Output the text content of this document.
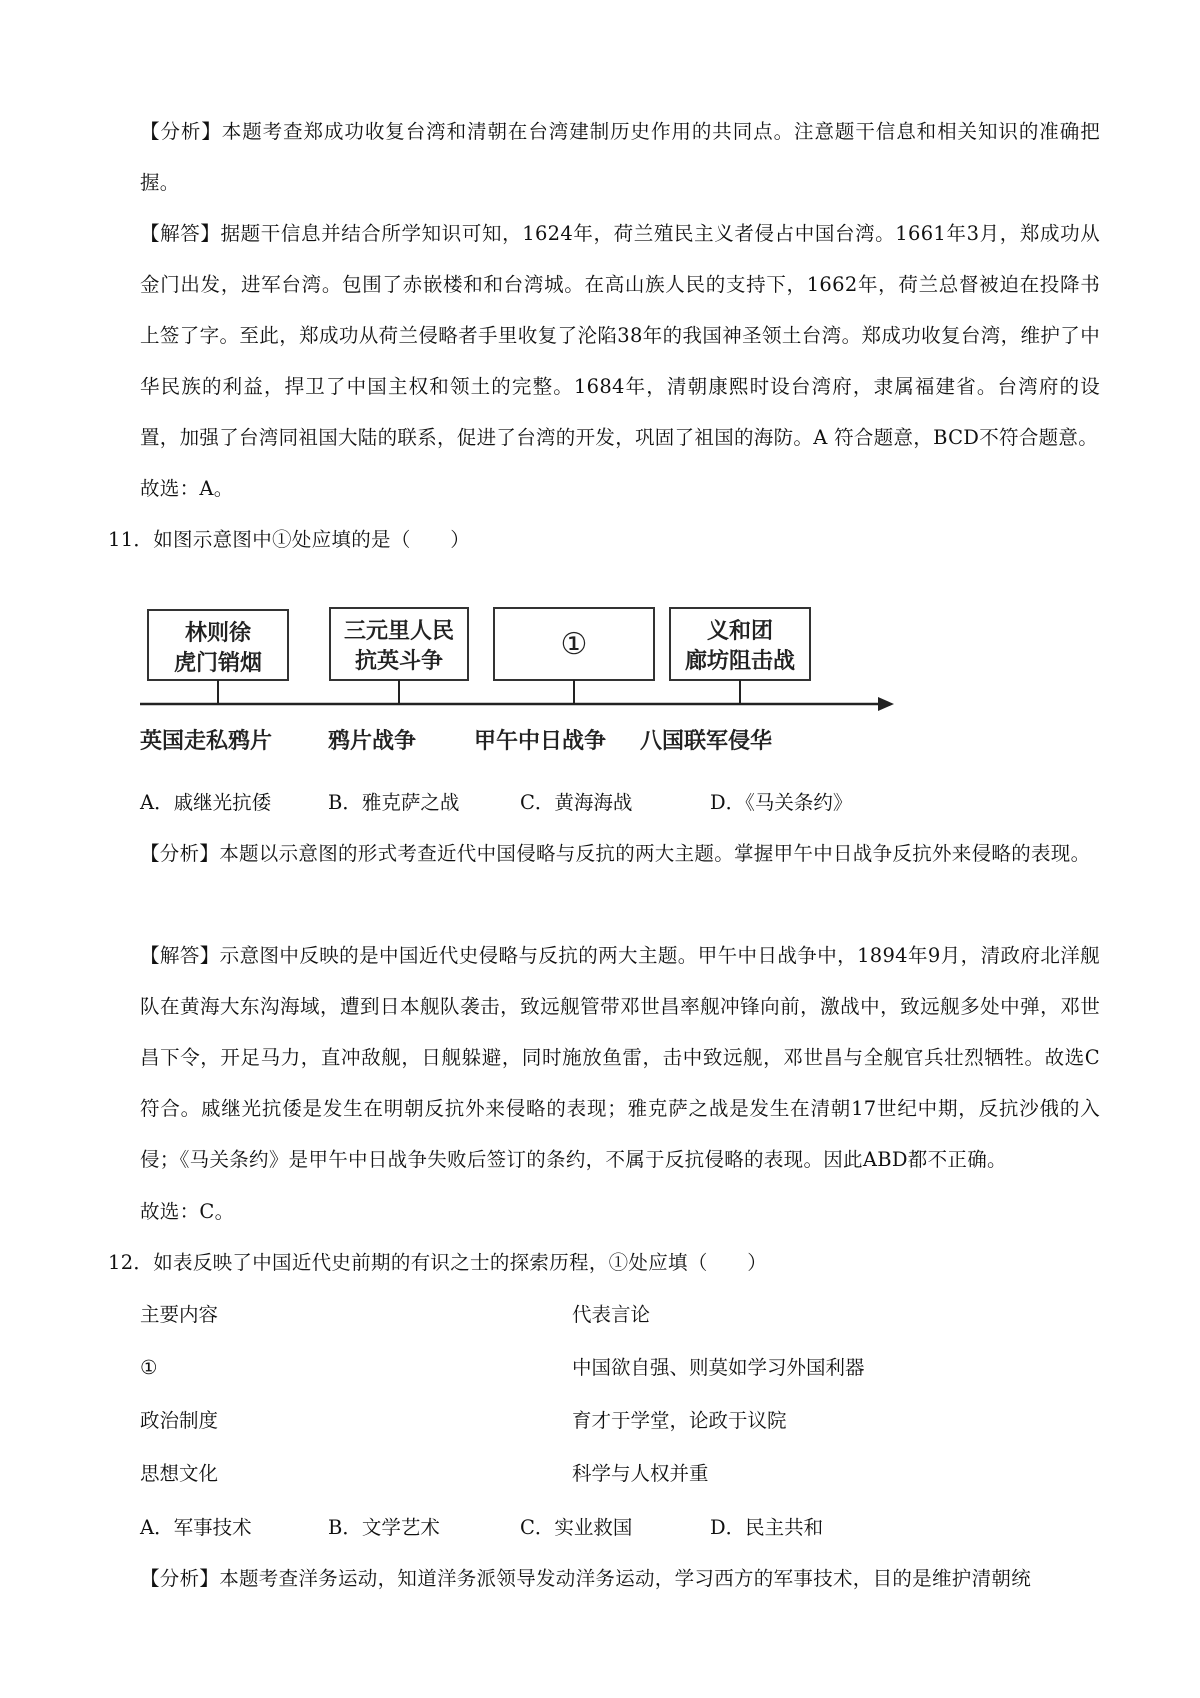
【分析】本题考查郑成功收复台湾和清朝在台湾建制历史作用的共同点。注意题干信息和相关知识的准确把握。

【解答】据题干信息并结合所学知识可知，1624年，荷兰殖民主义者侵占中国台湾。1661年3月，郑成功从金门出发，进军台湾。包围了赤嵌楼和和台湾城。在高山族人民的支持下，1662年，荷兰总督被迫在投降书上签了字。至此，郑成功从荷兰侵略者手里收复了沦陷38年的我国神圣领土台湾。郑成功收复台湾，维护了中华民族的利益，捍卫了中国主权和领土的完整。1684年，清朝康熙时设台湾府，隶属福建省。台湾府的设置，加强了台湾同祖国大陆的联系，促进了台湾的开发，巩固了祖国的海防。A 符合题意，BCD不符合题意。

故选：A。

11．如图示意图中①处应填的是（　　）

林则徐
虎门销烟
三元里人民
抗英斗争	①	义和团
廊坊阻击战
英国走私鸦片	鸦片战争	甲午中日战争 八国联军侵华
A．戚继光抗倭	B．雅克萨之战	C．黄海海战	D．《马关条约》

【分析】本题以示意图的形式考查近代中国侵略与反抗的两大主题。掌握甲午中日战争反抗外来侵略的表现。

【解答】示意图中反映的是中国近代史侵略与反抗的两大主题。甲午中日战争中，1894年9月，清政府北洋舰队在黄海大东沟海域，遭到日本舰队袭击，致远舰管带邓世昌率舰冲锋向前，激战中，致远舰多处中弹，邓世昌下令，开足马力，直冲敌舰，日舰躲避，同时施放鱼雷，击中致远舰，邓世昌与全舰官兵壮烈牺牲。故选C符合。戚继光抗倭是发生在明朝反抗外来侵略的表现；雅克萨之战是发生在清朝17世纪中期，反抗沙俄的入侵；《马关条约》是甲午中日战争失败后签订的条约，不属于反抗侵略的表现。因此ABD都不正确。

故选：C。

12．如表反映了中国近代史前期的有识之士的探索历程，①处应填（　　）

主要内容	代表言论
①	中国欲自强、则莫如学习外国利器
政治制度	育才于学堂，论政于议院
思想文化	科学与人权并重
A．军事技术	B．文学艺术	C．实业救国	D．民主共和

【分析】本题考查洋务运动，知道洋务派领导发动洋务运动，学习西方的军事技术，目的是维护清朝统
